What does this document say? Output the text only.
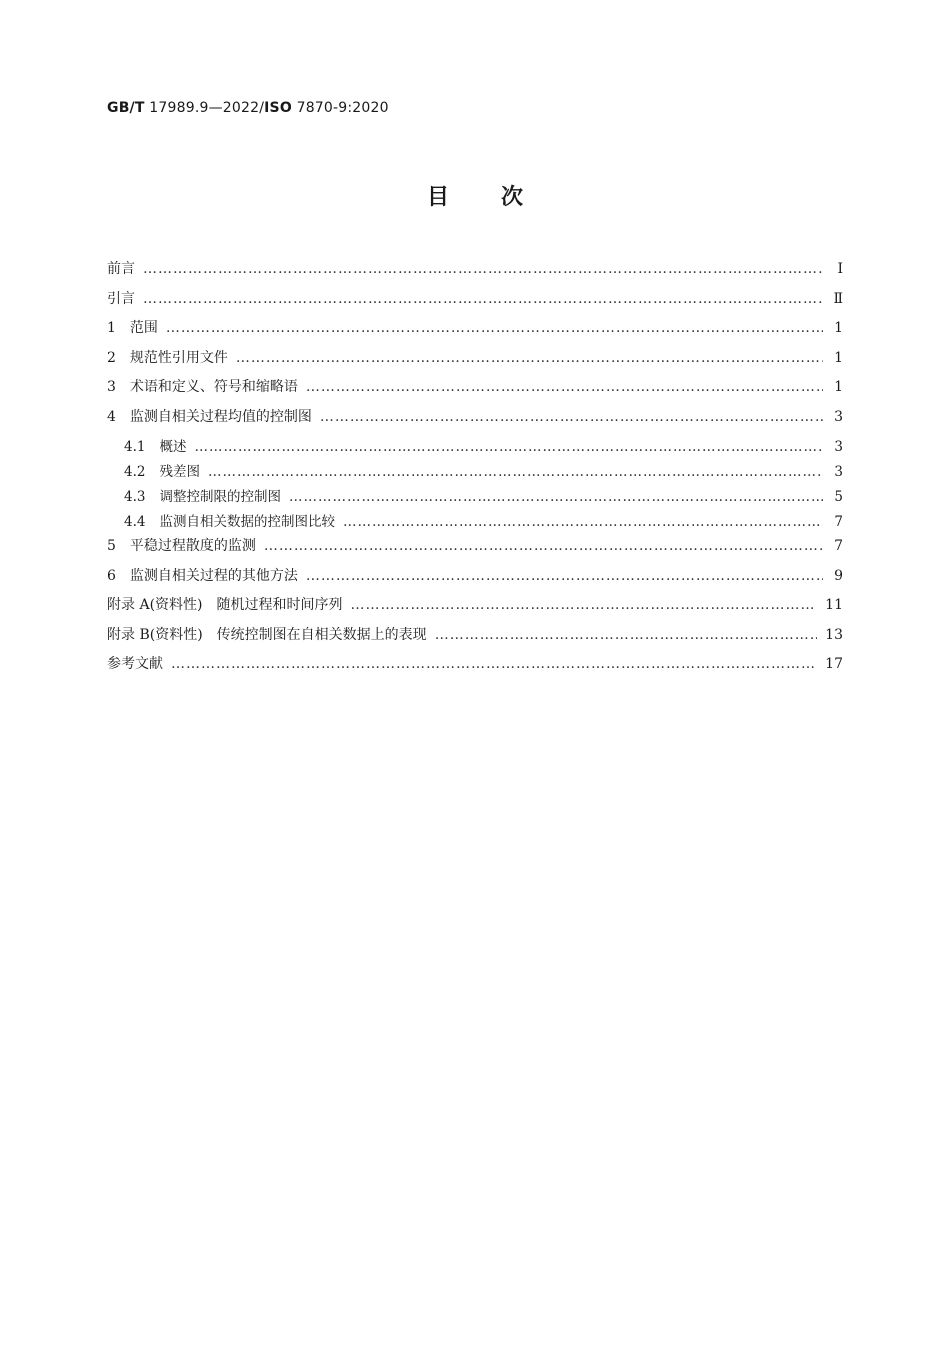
GB/T 17989.9—2022/ISO 7870-9:2020
目次
前言 ……………………………………………………………………………………………………………………………………………………………………………………………………………………………………	Ⅰ
引言 ……………………………………………………………………………………………………………………………………………………………………………………………………………………………………	Ⅱ
1 范围 ……………………………………………………………………………………………………………………………………………………………………………………………………………………………………	1
2 规范性引用文件 ……………………………………………………………………………………………………………………………………………………………………………………………………………………………………	1
3 术语和定义、符号和缩略语 ……………………………………………………………………………………………………………………………………………………………………………………………………………………………………	1
4 监测自相关过程均值的控制图 ……………………………………………………………………………………………………………………………………………………………………………………………………………………………………	3
4.1 概述 ……………………………………………………………………………………………………………………………………………………………………………………………………………………………………	3
4.2 残差图 ……………………………………………………………………………………………………………………………………………………………………………………………………………………………………	3
4.3 调整控制限的控制图 ……………………………………………………………………………………………………………………………………………………………………………………………………………………………………	5
4.4 监测自相关数据的控制图比较 ……………………………………………………………………………………………………………………………………………………………………………………………………………………………………	7
5 平稳过程散度的监测 ……………………………………………………………………………………………………………………………………………………………………………………………………………………………………	7
6 监测自相关过程的其他方法 ……………………………………………………………………………………………………………………………………………………………………………………………………………………………………	9
附录 A (资料性)　随机过程和时间序列 ……………………………………………………………………………………………………………………………………………………………………………………………………………………………………	11
附录 B (资料性)　传统控制图在自相关数据上的表现 ……………………………………………………………………………………………………………………………………………………………………………………………………………………………………	13
参考文献 ……………………………………………………………………………………………………………………………………………………………………………………………………………………………………	17
